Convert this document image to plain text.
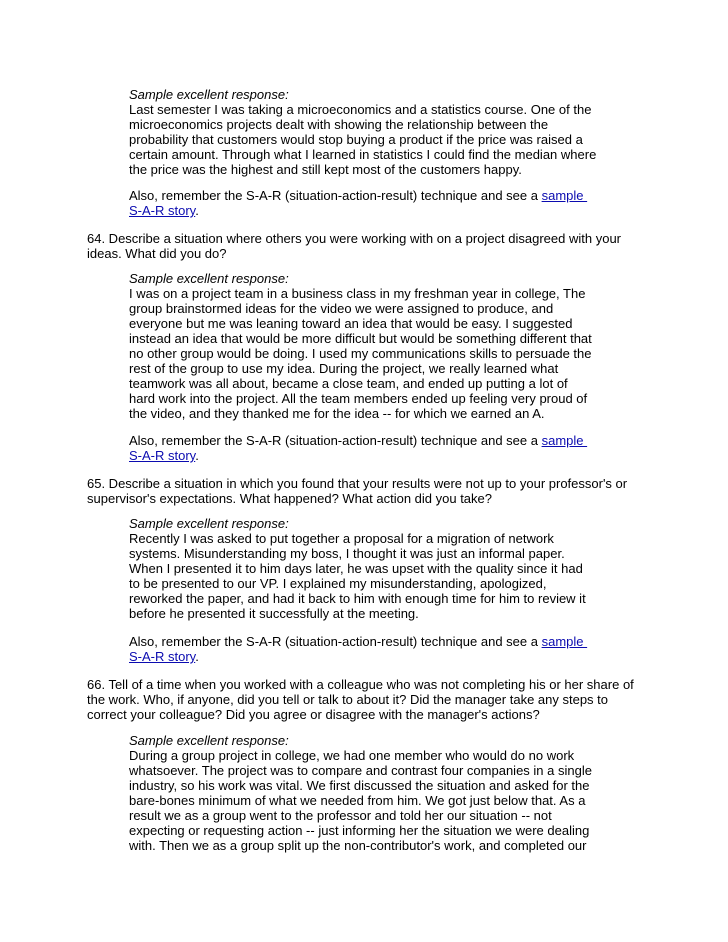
Sample excellent response:
Last semester I was taking a microeconomics and a statistics course. One of the
microeconomics projects dealt with showing the relationship between the
probability that customers would stop buying a product if the price was raised a
certain amount. Through what I learned in statistics I could find the median where
the price was the highest and still kept most of the customers happy.
Also, remember the S-A-R (situation-action-result) technique and see a sample
S-A-R story.
64. Describe a situation where others you were working with on a project disagreed with your
ideas. What did you do?
Sample excellent response:
I was on a project team in a business class in my freshman year in college, The
group brainstormed ideas for the video we were assigned to produce, and
everyone but me was leaning toward an idea that would be easy. I suggested
instead an idea that would be more difficult but would be something different that
no other group would be doing. I used my communications skills to persuade the
rest of the group to use my idea. During the project, we really learned what
teamwork was all about, became a close team, and ended up putting a lot of
hard work into the project. All the team members ended up feeling very proud of
the video, and they thanked me for the idea -- for which we earned an A.
Also, remember the S-A-R (situation-action-result) technique and see a sample
S-A-R story.
65. Describe a situation in which you found that your results were not up to your professor's or
supervisor's expectations. What happened? What action did you take?
Sample excellent response:
Recently I was asked to put together a proposal for a migration of network
systems. Misunderstanding my boss, I thought it was just an informal paper.
When I presented it to him days later, he was upset with the quality since it had
to be presented to our VP. I explained my misunderstanding, apologized,
reworked the paper, and had it back to him with enough time for him to review it
before he presented it successfully at the meeting.
Also, remember the S-A-R (situation-action-result) technique and see a sample
S-A-R story.
66. Tell of a time when you worked with a colleague who was not completing his or her share of
the work. Who, if anyone, did you tell or talk to about it? Did the manager take any steps to
correct your colleague? Did you agree or disagree with the manager's actions?
Sample excellent response:
During a group project in college, we had one member who would do no work
whatsoever. The project was to compare and contrast four companies in a single
industry, so his work was vital. We first discussed the situation and asked for the
bare-bones minimum of what we needed from him. We got just below that. As a
result we as a group went to the professor and told her our situation -- not
expecting or requesting action -- just informing her the situation we were dealing
with. Then we as a group split up the non-contributor's work, and completed our
